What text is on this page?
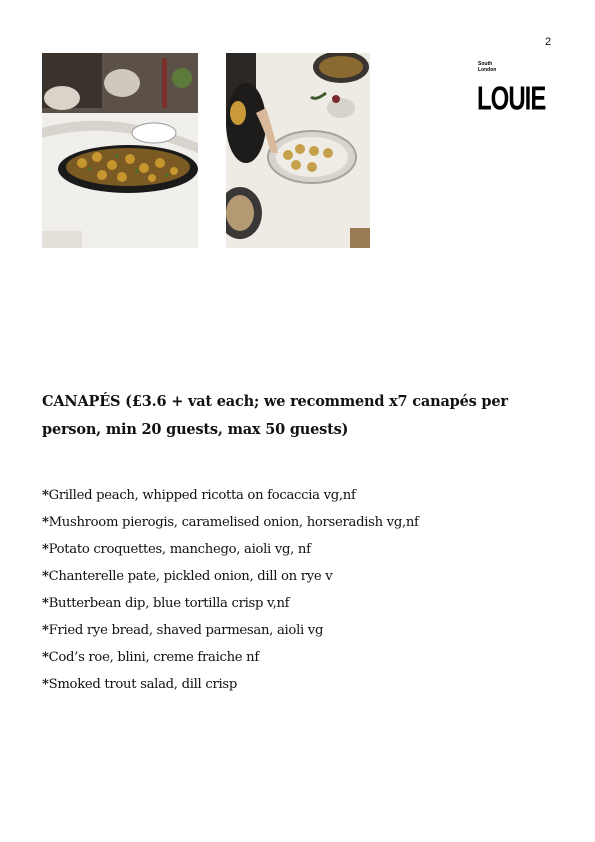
2
South
London
LOUIE
CANAPÉS (£3.6 + vat each; we recommend x7 canapés per person, min 20 guests, max 50 guests)
*Grilled peach, whipped ricotta on focaccia vg,nf
*Mushroom pierogis, caramelised onion, horseradish vg,nf
*Potato croquettes, manchego, aioli vg, nf
*Chanterelle pate, pickled onion, dill on rye v
*Butterbean dip, blue tortilla crisp v,nf
*Fried rye bread, shaved parmesan, aioli vg
*Cod’s roe, blini, creme fraiche nf
*Smoked trout salad, dill crisp
